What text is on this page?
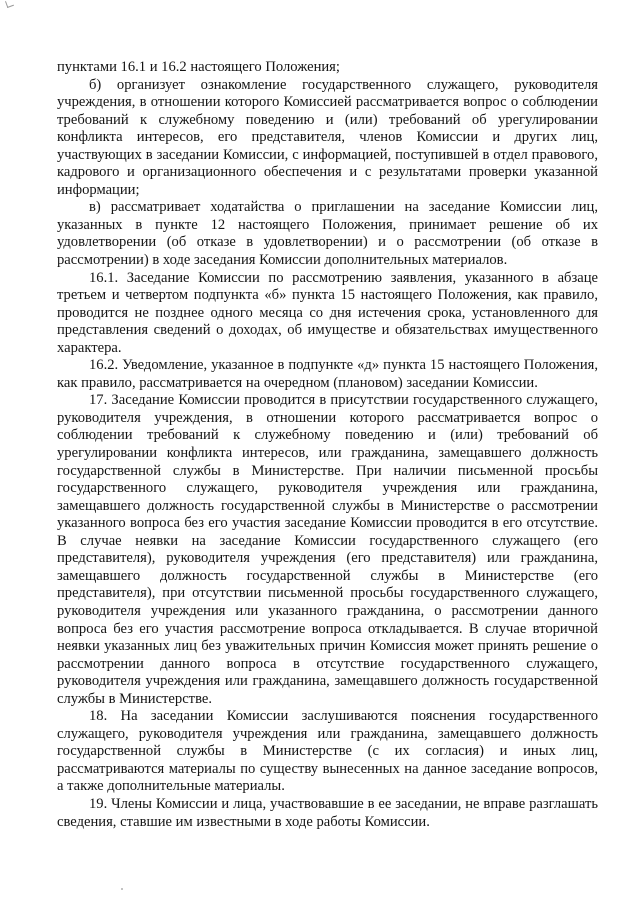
пунктами 16.1 и 16.2 настоящего Положения;

б) организует ознакомление государственного служащего, руководителя учреждения, в отношении которого Комиссией рассматривается вопрос о соблюдении требований к служебному поведению и (или) требований об урегулировании конфликта интересов, его представителя, членов Комиссии и других лиц, участвующих в заседании Комиссии, с информацией, поступившей в отдел правового, кадрового и организационного обеспечения и с результатами проверки указанной информации;

в) рассматривает ходатайства о приглашении на заседание Комиссии лиц, указанных в пункте 12 настоящего Положения, принимает решение об их удовлетворении (об отказе в удовлетворении) и о рассмотрении (об отказе в рассмотрении) в ходе заседания Комиссии дополнительных материалов.

16.1. Заседание Комиссии по рассмотрению заявления, указанного в абзаце третьем и четвертом подпункта «б» пункта 15 настоящего Положения, как правило, проводится не позднее одного месяца со дня истечения срока, установленного для представления сведений о доходах, об имуществе и обязательствах имущественного характера.

16.2. Уведомление, указанное в подпункте «д» пункта 15 настоящего Положения, как правило, рассматривается на очередном (плановом) заседании Комиссии.

17. Заседание Комиссии проводится в присутствии государственного служащего, руководителя учреждения, в отношении которого рассматривается вопрос о соблюдении требований к служебному поведению и (или) требований об урегулировании конфликта интересов, или гражданина, замещавшего должность государственной службы в Министерстве. При наличии письменной просьбы государственного служащего, руководителя учреждения или гражданина, замещавшего должность государственной службы в Министерстве о рассмотрении указанного вопроса без его участия заседание Комиссии проводится в его отсутствие. В случае неявки на заседание Комиссии государственного служащего (его представителя), руководителя учреждения (его представителя) или гражданина, замещавшего должность государственной службы в Министерстве (его представителя), при отсутствии письменной просьбы государственного служащего, руководителя учреждения или указанного гражданина, о рассмотрении данного вопроса без его участия рассмотрение вопроса откладывается. В случае вторичной неявки указанных лиц без уважительных причин Комиссия может принять решение о рассмотрении данного вопроса в отсутствие государственного служащего, руководителя учреждения или гражданина, замещавшего должность государственной службы в Министерстве.

18. На заседании Комиссии заслушиваются пояснения государственного служащего, руководителя учреждения или гражданина, замещавшего должность государственной службы в Министерстве (с их согласия) и иных лиц, рассматриваются материалы по существу вынесенных на данное заседание вопросов, а также дополнительные материалы.

19. Члены Комиссии и лица, участвовавшие в ее заседании, не вправе разглашать сведения, ставшие им известными в ходе работы Комиссии.
